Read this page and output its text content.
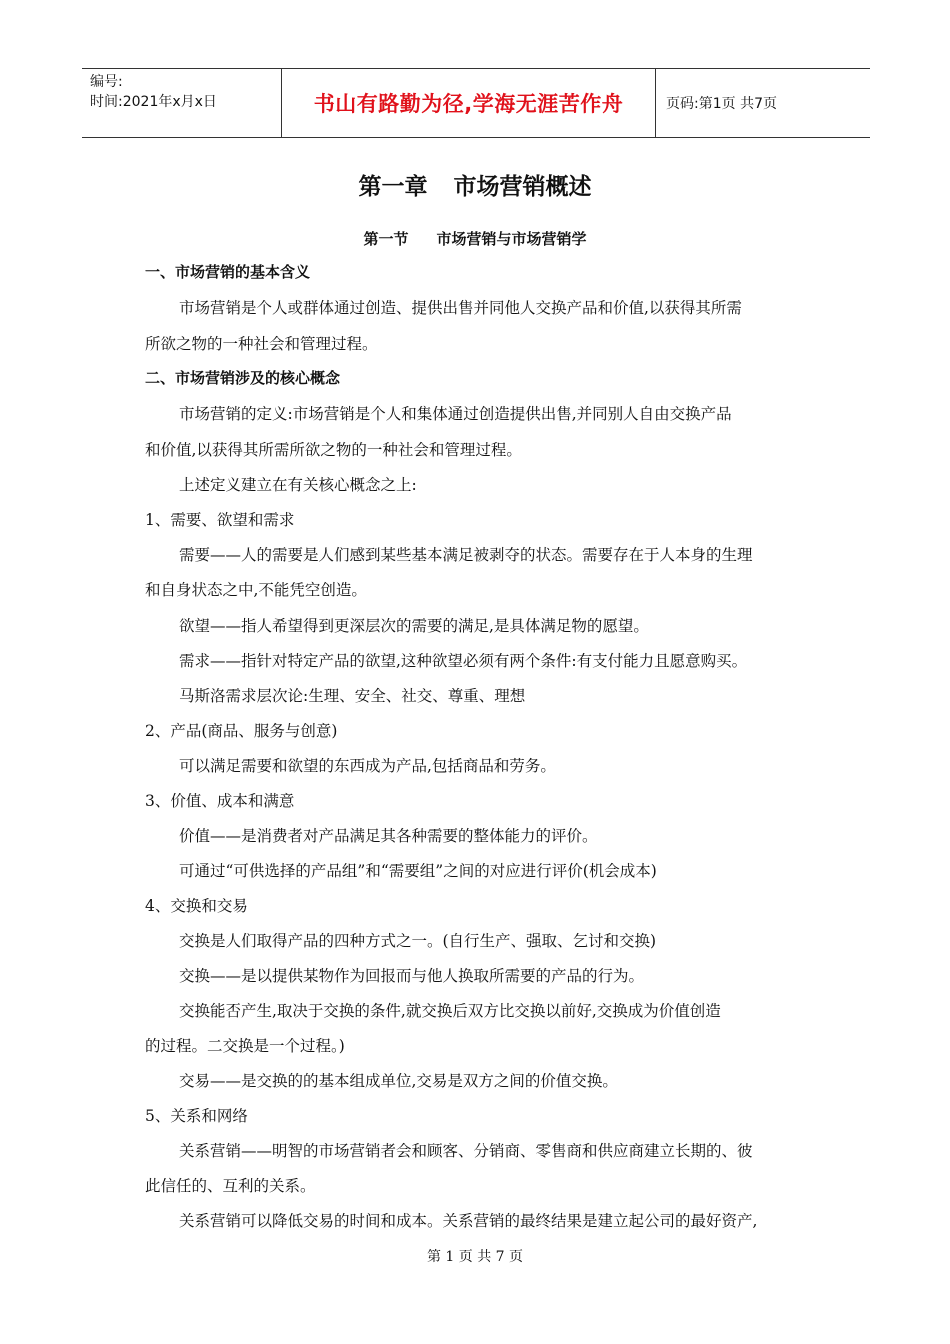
编号:
时间:2021年x月x日	书山有路勤为径,学海无涯苦作舟	页码:第1页 共7页
第一章 市场营销概述
第一节 市场营销与市场营销学
一、市场营销的基本含义
市场营销是个人或群体通过创造、提供出售并同他人交换产品和价值,以获得其所需
所欲之物的一种社会和管理过程。
二、市场营销涉及的核心概念
市场营销的定义:市场营销是个人和集体通过创造提供出售,并同别人自由交换产品
和价值,以获得其所需所欲之物的一种社会和管理过程。
上述定义建立在有关核心概念之上:
1、需要、欲望和需求
需要——人的需要是人们感到某些基本满足被剥夺的状态。需要存在于人本身的生理
和自身状态之中,不能凭空创造。
欲望——指人希望得到更深层次的需要的满足,是具体满足物的愿望。
需求——指针对特定产品的欲望,这种欲望必须有两个条件:有支付能力且愿意购买。
马斯洛需求层次论:生理、安全、社交、尊重、理想
2、产品(商品、服务与创意)
可以满足需要和欲望的东西成为产品,包括商品和劳务。
3、价值、成本和满意
价值——是消费者对产品满足其各种需要的整体能力的评价。
可通过“可供选择的产品组”和“需要组”之间的对应进行评价(机会成本)
4、交换和交易
交换是人们取得产品的四种方式之一。(自行生产、强取、乞讨和交换)
交换——是以提供某物作为回报而与他人换取所需要的产品的行为。
交换能否产生,取决于交换的条件,就交换后双方比交换以前好,交换成为价值创造
的过程。二交换是一个过程。)
交易——是交换的的基本组成单位,交易是双方之间的价值交换。
5、关系和网络
关系营销——明智的市场营销者会和顾客、分销商、零售商和供应商建立长期的、彼
此信任的、互利的关系。
关系营销可以降低交易的时间和成本。关系营销的最终结果是建立起公司的最好资产,
第 1 页 共 7 页
